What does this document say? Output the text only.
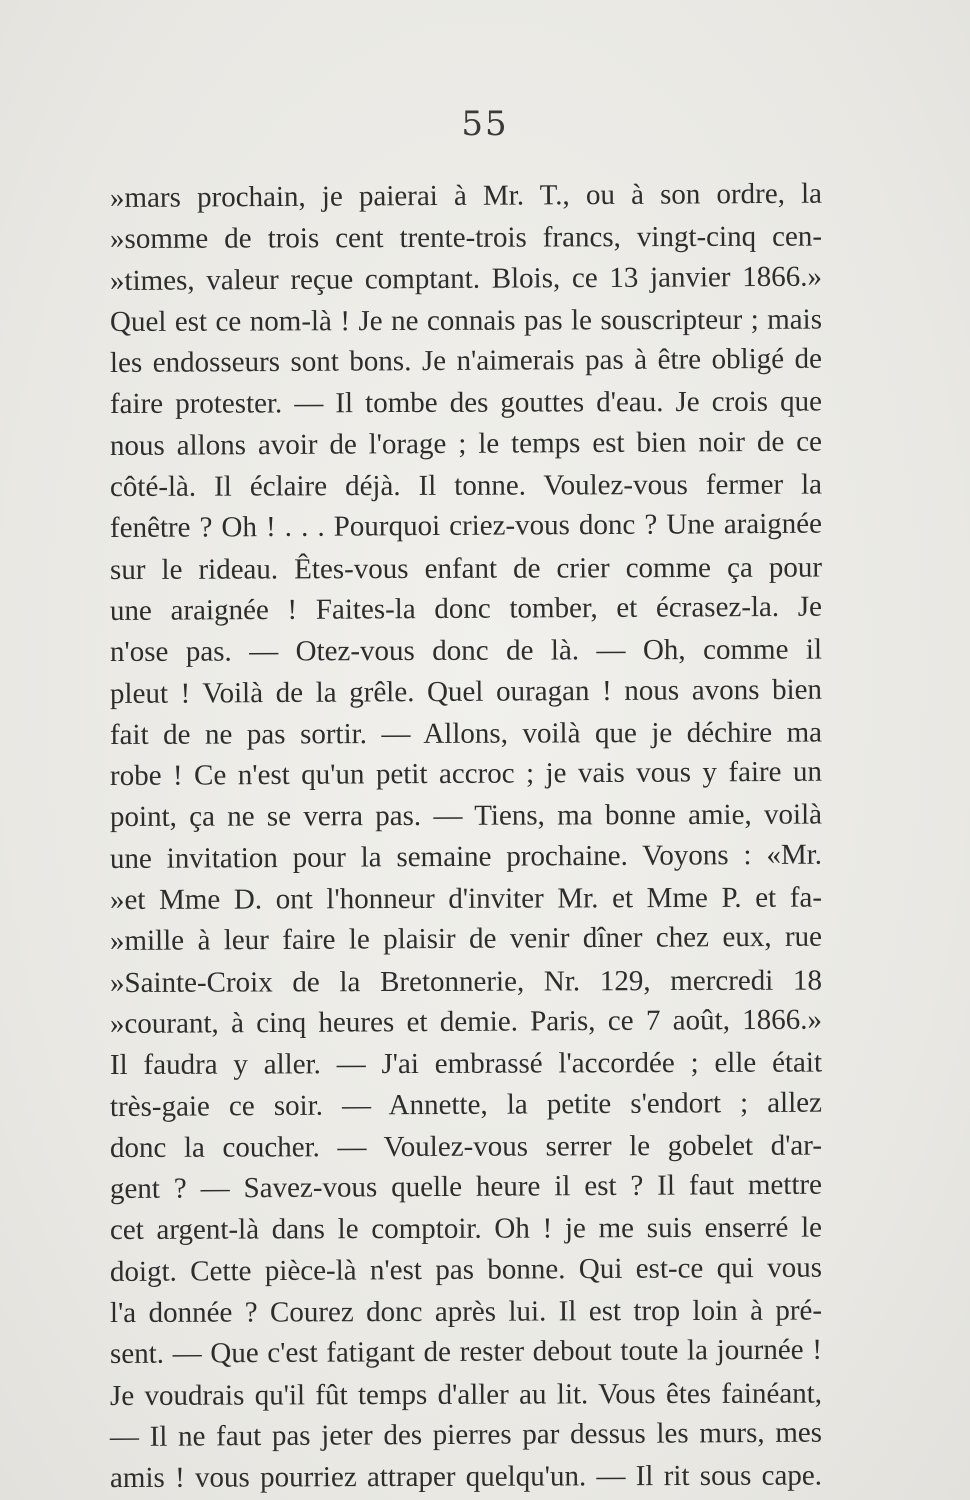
55
»mars prochain, je paierai à Mr. T., ou à son ordre, la
»somme de trois cent trente-trois francs, vingt-cinq cen-
»times, valeur reçue comptant. Blois, ce 13 janvier 1866.»
Quel est ce nom-là ! Je ne connais pas le souscripteur ; mais
les endosseurs sont bons. Je n'aimerais pas à être obligé de
faire protester. — Il tombe des gouttes d'eau. Je crois que
nous allons avoir de l'orage ; le temps est bien noir de ce
côté-là. Il éclaire déjà. Il tonne. Voulez-vous fermer la
fenêtre ? Oh ! . . . Pourquoi criez-vous donc ? Une araignée
sur le rideau. Êtes-vous enfant de crier comme ça pour
une araignée ! Faites-la donc tomber, et écrasez-la. Je
n'ose pas. — Otez-vous donc de là. — Oh, comme il
pleut ! Voilà de la grêle. Quel ouragan ! nous avons bien
fait de ne pas sortir. — Allons, voilà que je déchire ma
robe ! Ce n'est qu'un petit accroc ; je vais vous y faire un
point, ça ne se verra pas. — Tiens, ma bonne amie, voilà
une invitation pour la semaine prochaine. Voyons : «Mr.
»et Mme D. ont l'honneur d'inviter Mr. et Mme P. et fa-
»mille à leur faire le plaisir de venir dîner chez eux, rue
»Sainte-Croix de la Bretonnerie, Nr. 129, mercredi 18
»courant, à cinq heures et demie. Paris, ce 7 août, 1866.»
Il faudra y aller. — J'ai embrassé l'accordée ; elle était
très-gaie ce soir. — Annette, la petite s'endort ; allez
donc la coucher. — Voulez-vous serrer le gobelet d'ar-
gent ? — Savez-vous quelle heure il est ? Il faut mettre
cet argent-là dans le comptoir. Oh ! je me suis enserré le
doigt. Cette pièce-là n'est pas bonne. Qui est-ce qui vous
l'a donnée ? Courez donc après lui. Il est trop loin à pré-
sent. — Que c'est fatigant de rester debout toute la journée !
Je voudrais qu'il fût temps d'aller au lit. Vous êtes fainéant,
— Il ne faut pas jeter des pierres par dessus les murs, mes
amis ! vous pourriez attraper quelqu'un. — Il rit sous cape.
